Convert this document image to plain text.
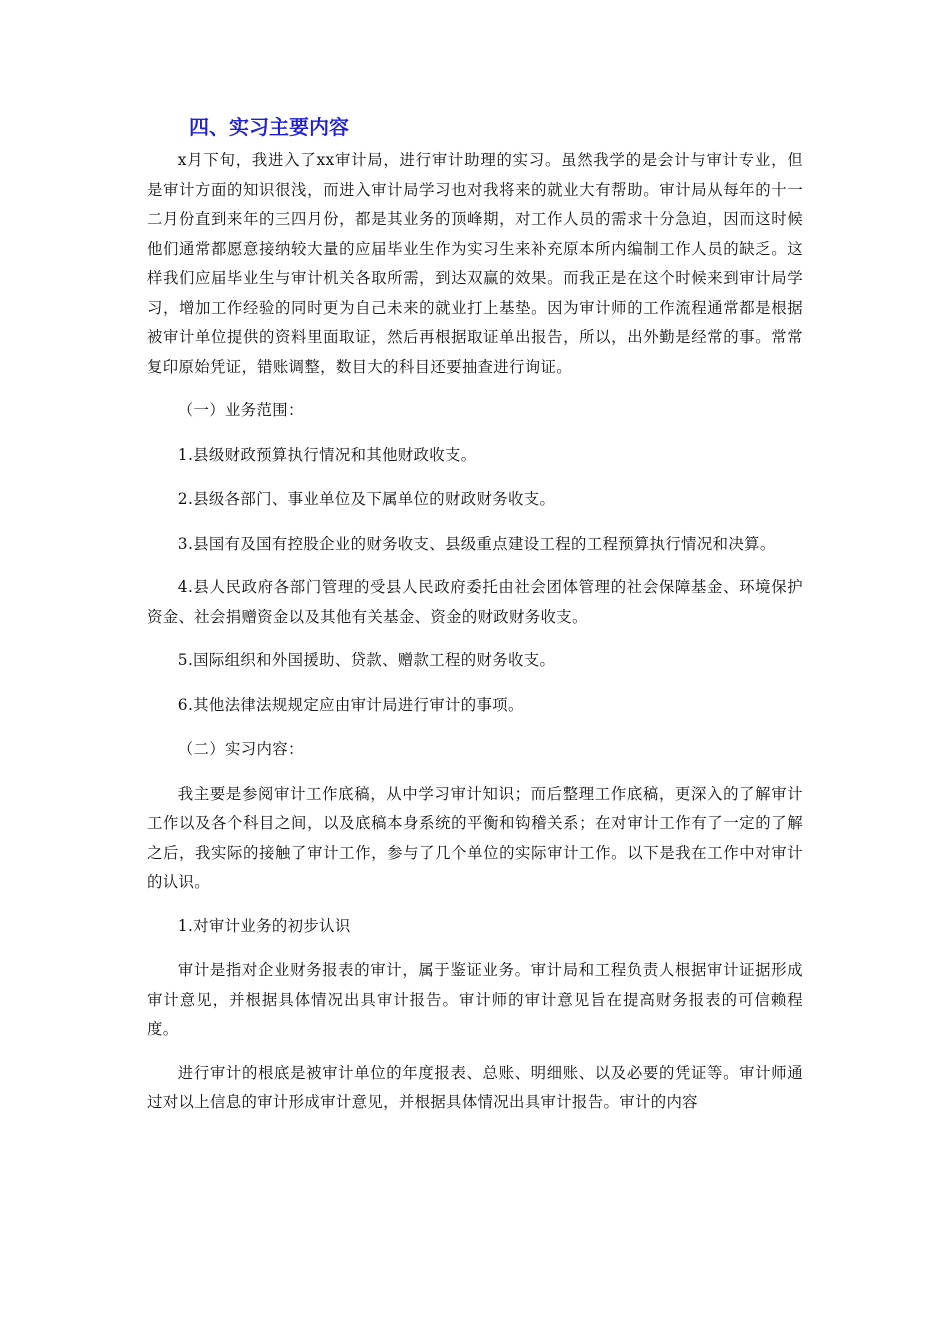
四、实习主要内容

x月下旬，我进入了xx审计局，进行审计助理的实习。虽然我学的是会计与审计专业，但是审计方面的知识很浅，而进入审计局学习也对我将来的就业大有帮助。审计局从每年的十一二月份直到来年的三四月份，都是其业务的顶峰期，对工作人员的需求十分急迫，因而这时候他们通常都愿意接纳较大量的应届毕业生作为实习生来补充原本所内编制工作人员的缺乏。这样我们应届毕业生与审计机关各取所需，到达双赢的效果。而我正是在这个时候来到审计局学习，增加工作经验的同时更为自己未来的就业打上基垫。因为审计师的工作流程通常都是根据被审计单位提供的资料里面取证，然后再根据取证单出报告，所以，出外勤是经常的事。常常复印原始凭证，错账调整，数目大的科目还要抽查进行询证。

（一）业务范围：

1.县级财政预算执行情况和其他财政收支。

2.县级各部门、事业单位及下属单位的财政财务收支。

3.县国有及国有控股企业的财务收支、县级重点建设工程的工程预算执行情况和决算。

4.县人民政府各部门管理的受县人民政府委托由社会团体管理的社会保障基金、环境保护资金、社会捐赠资金以及其他有关基金、资金的财政财务收支。

5.国际组织和外国援助、贷款、赠款工程的财务收支。

6.其他法律法规规定应由审计局进行审计的事项。

（二）实习内容：

我主要是参阅审计工作底稿，从中学习审计知识；而后整理工作底稿，更深入的了解审计工作以及各个科目之间，以及底稿本身系统的平衡和钩稽关系；在对审计工作有了一定的了解之后，我实际的接触了审计工作，参与了几个单位的实际审计工作。以下是我在工作中对审计的认识。

1.对审计业务的初步认识

审计是指对企业财务报表的审计，属于鉴证业务。审计局和工程负责人根据审计证据形成审计意见，并根据具体情况出具审计报告。审计师的审计意见旨在提高财务报表的可信赖程度。

进行审计的根底是被审计单位的年度报表、总账、明细账、以及必要的凭证等。审计师通过对以上信息的审计形成审计意见，并根据具体情况出具审计报告。审计的内容
